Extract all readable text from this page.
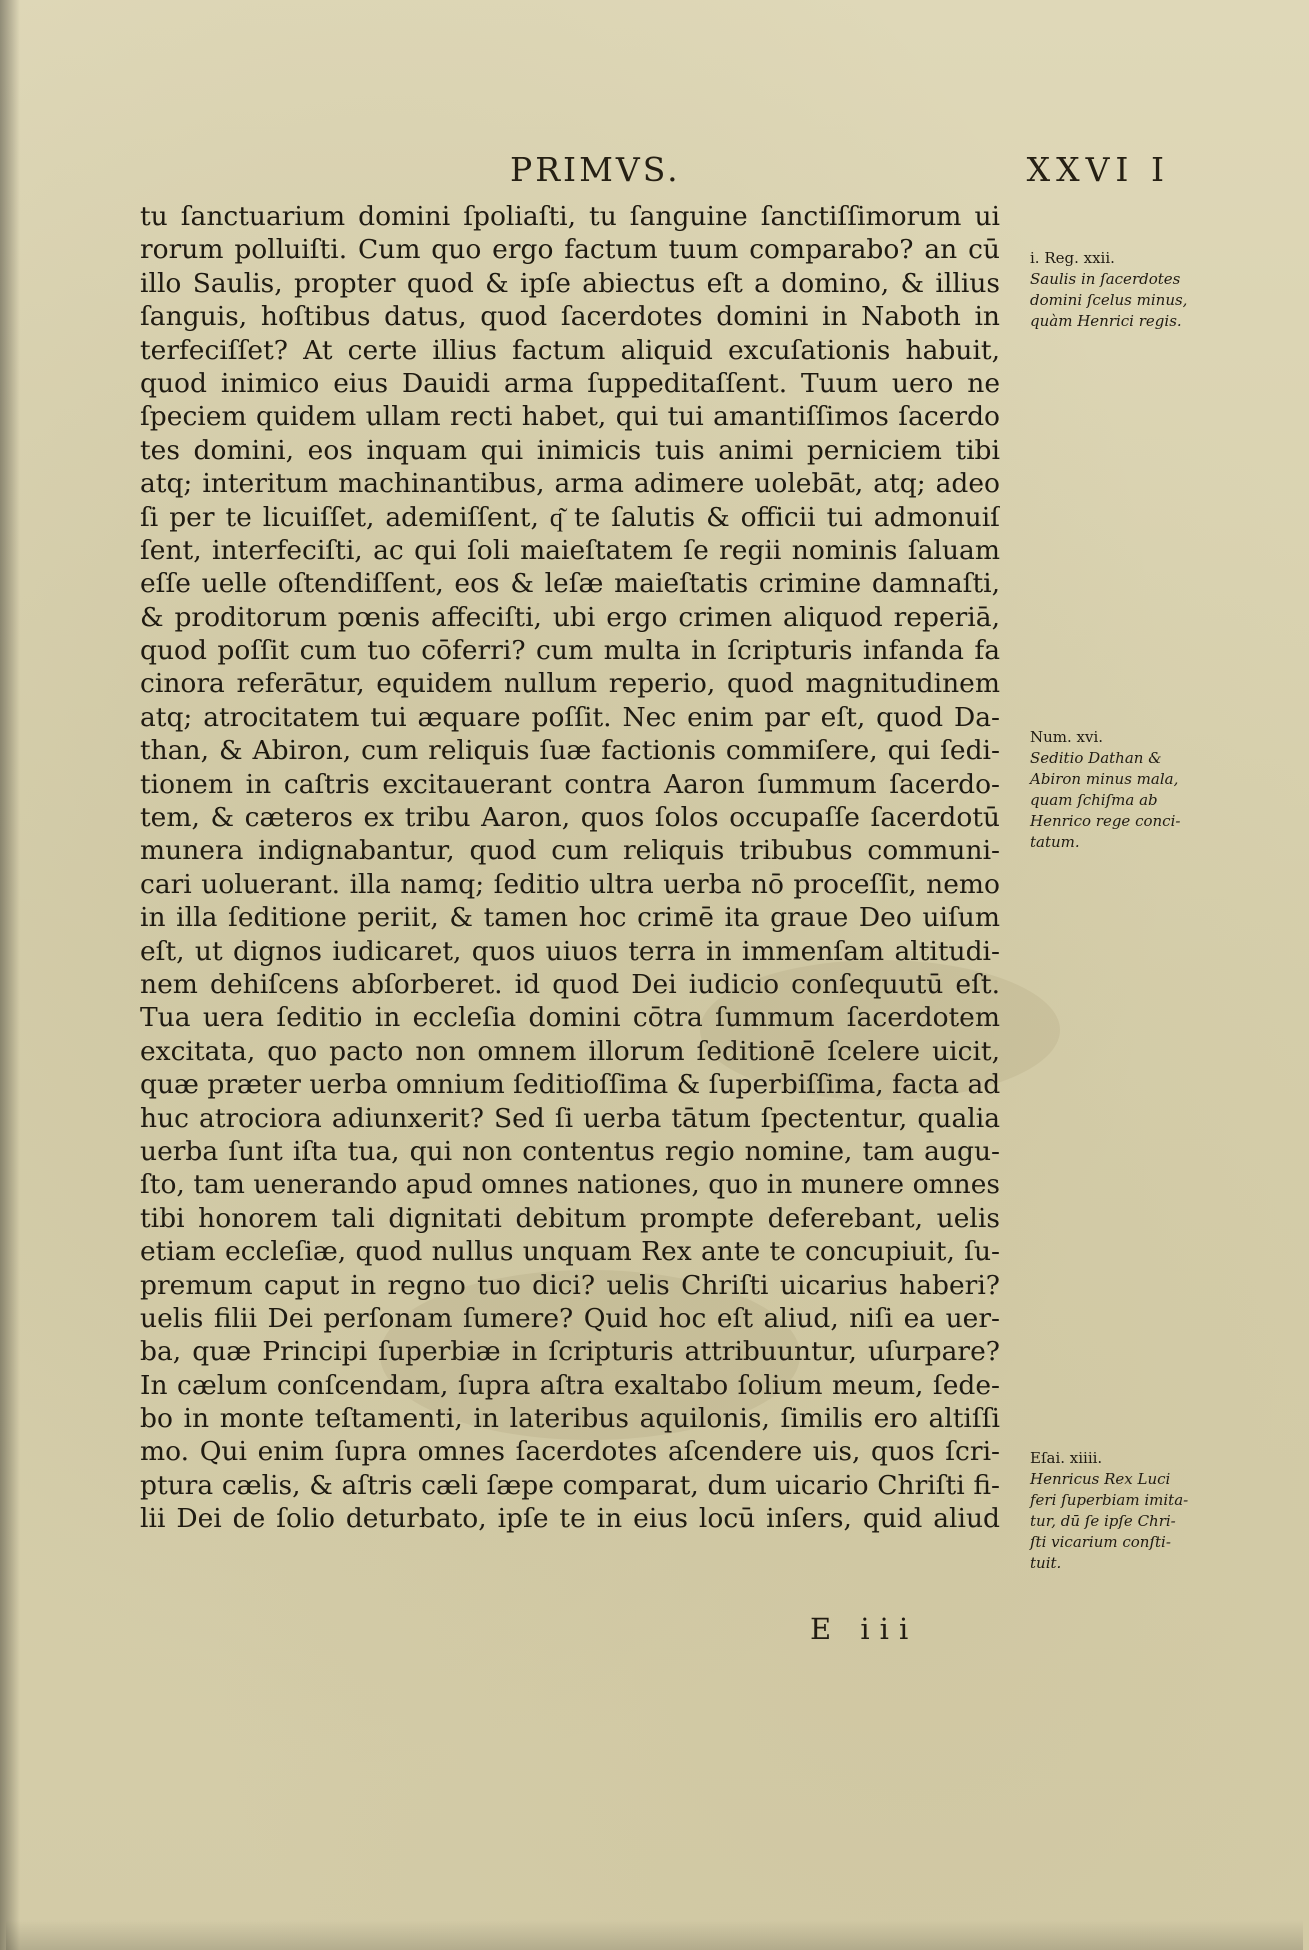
PRIMVS.	XXVI I
tu ſanctuarium domini ſpoliaſti, tu ſanguine ſanctiſſimorum ui
rorum polluiſti. Cum quo ergo factum tuum comparabo? an cū
illo Saulis, propter quod & ipſe abiectus eſt a domino, & illius
ſanguis, hoſtibus datus, quod ſacerdotes domini in Naboth in
terfeciſſet? At certe illius factum aliquid excuſationis habuit,
quod inimico eius Dauidi arma ſuppeditaſſent. Tuum uero ne
ſpeciem quidem ullam recti habet, qui tui amantiſſimos ſacerdo
tes domini, eos inquam qui inimicis tuis animi perniciem tibi
atq; interitum machinantibus, arma adimere uolebāt, atq; adeo
ſi per te licuiſſet, ademiſſent, q͂ te ſalutis & officii tui admonuiſ
ſent, interfeciſti, ac qui ſoli maieſtatem ſe regii nominis ſaluam
eſſe uelle oſtendiſſent, eos & leſæ maieſtatis crimine damnaſti,
& proditorum pœnis affeciſti, ubi ergo crimen aliquod reperiā,
quod poſſit cum tuo cōferri? cum multa in ſcripturis infanda fa
cinora referātur, equidem nullum reperio, quod magnitudinem
atq; atrocitatem tui æquare poſſit. Nec enim par eſt, quod Da-
than, & Abiron, cum reliquis ſuæ factionis commiſere, qui ſedi-
tionem in caſtris excitauerant contra Aaron ſummum ſacerdo-
tem, & cæteros ex tribu Aaron, quos ſolos occupaſſe ſacerdotū
munera indignabantur, quod cum reliquis tribubus communi-
cari uoluerant. illa namq; ſeditio ultra uerba nō proceſſit, nemo
in illa ſeditione periit, & tamen hoc crimē ita graue Deo uiſum
eſt, ut dignos iudicaret, quos uiuos terra in immenſam altitudi-
nem dehiſcens abſorberet. id quod Dei iudicio conſequutū eſt.
Tua uera ſeditio in eccleſia domini cōtra ſummum ſacerdotem
excitata, quo pacto non omnem illorum ſeditionē ſcelere uicit,
quæ præter uerba omnium ſeditioſſima & ſuperbiſſima, facta ad
huc atrociora adiunxerit? Sed ſi uerba tātum ſpectentur, qualia
uerba ſunt iſta tua, qui non contentus regio nomine, tam augu-
ſto, tam uenerando apud omnes nationes, quo in munere omnes
tibi honorem tali dignitati debitum prompte deferebant, uelis
etiam eccleſiæ, quod nullus unquam Rex ante te concupiuit, ſu-
premum caput in regno tuo dici? uelis Chriſti uicarius haberi?
uelis filii Dei perſonam ſumere? Quid hoc eſt aliud, niſi ea uer-
ba, quæ Principi ſuperbiæ in ſcripturis attribuuntur, uſurpare?
In cælum conſcendam, ſupra aſtra exaltabo ſolium meum, ſede-
bo in monte teſtamenti, in lateribus aquilonis, ſimilis ero altiſſi
mo. Qui enim ſupra omnes ſacerdotes aſcendere uis, quos ſcri-
ptura cælis, & aſtris cæli ſæpe comparat, dum uicario Chriſti fi-
lii Dei de ſolio deturbato, ipſe te in eius locū inſers, quid aliud
i. Reg. xxii.
Saulis in ſacerdotes
domini ſcelus minus,
quàm Henrici regis.
Num. xvi.
Seditio Dathan &
Abiron minus mala,
quam ſchiſma ab
Henrico rege conci-
tatum.
Eſai. xiiii.
Henricus Rex Luci
feri ſuperbiam imita-
tur, dū ſe ipſe Chri-
ſti vicarium conſti-
tuit.
E iii
